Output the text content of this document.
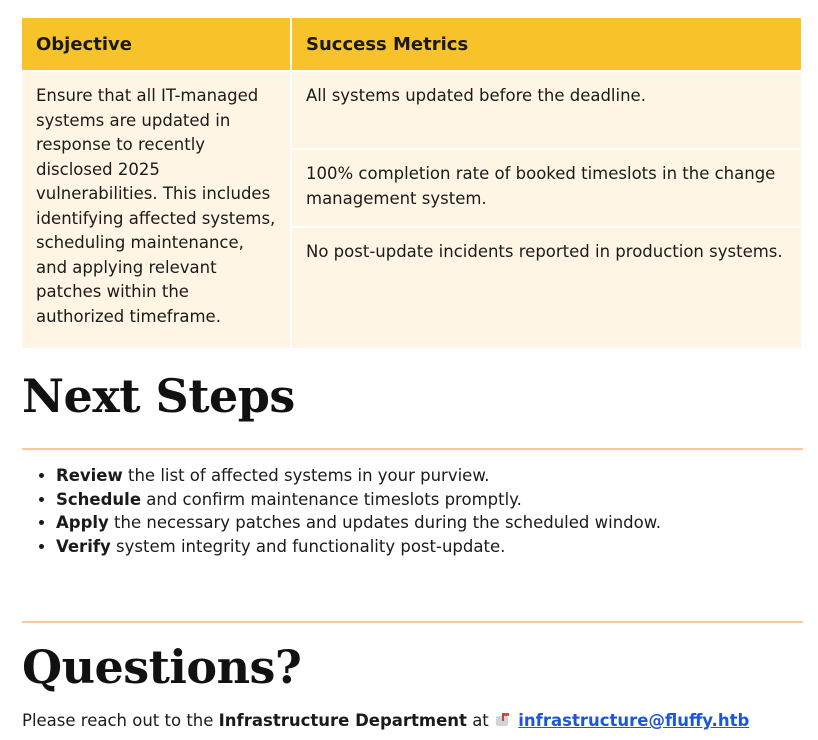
Objective	Success Metrics
Ensure that all IT-managed systems are updated in response to recently disclosed 2025 vulnerabilities. This includes identifying affected systems, scheduling maintenance, and applying relevant patches within the authorized timeframe.	All systems updated before the deadline.
	100% completion rate of booked timeslots in the change management system.
	No post-update incidents reported in production systems.
Next Steps
• Review the list of affected systems in your purview.
• Schedule and confirm maintenance timeslots promptly.
• Apply the necessary patches and updates during the scheduled window.
• Verify system integrity and functionality post-update.
Questions?
Please reach out to the Infrastructure Department at
infrastructure@fluffy.htb
